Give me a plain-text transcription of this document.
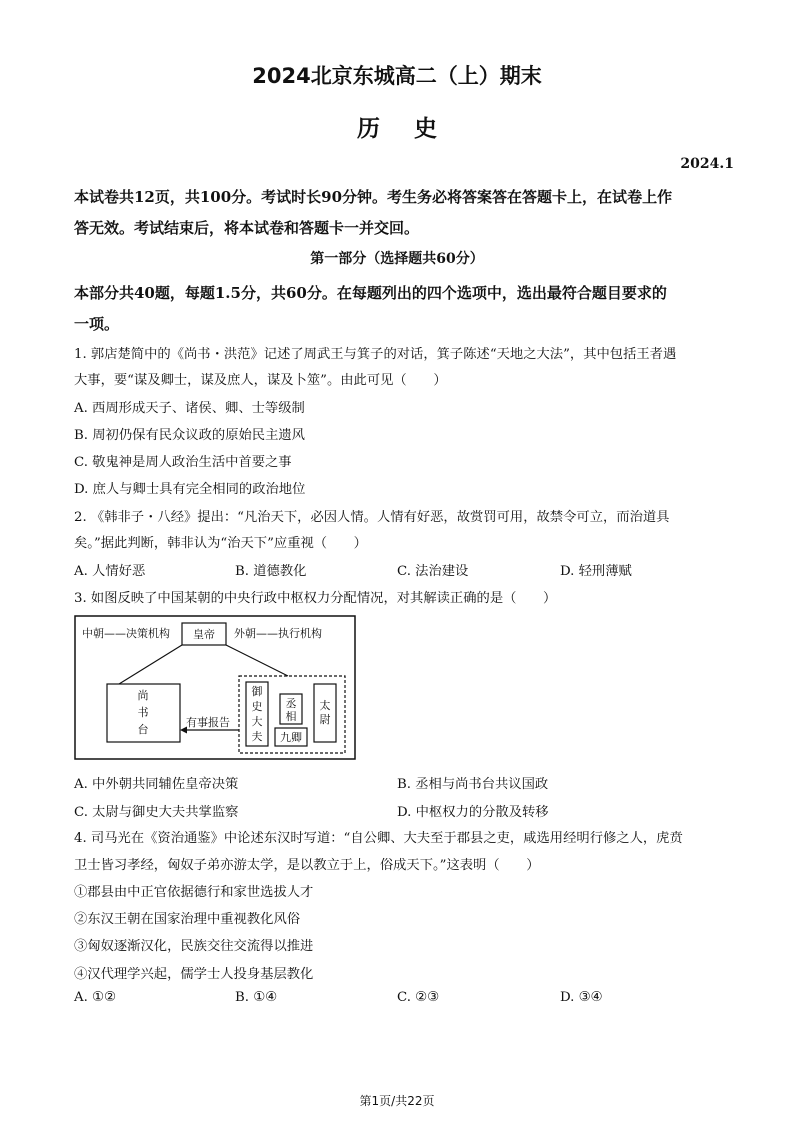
2024北京东城高二（上）期末
历史
2024.1
本试卷共12页，共100分。考试时长90分钟。考生务必将答案答在答题卡上，在试卷上作
答无效。考试结束后，将本试卷和答题卡一并交回。
第一部分（选择题共60分）
本部分共40题，每题1.5分，共60分。在每题列出的四个选项中，选出最符合题目要求的
一项。
1. 郭店楚简中的《尚书・洪范》记述了周武王与箕子的对话，箕子陈述“天地之大法”，其中包括王者遇
大事，要“谋及卿士，谋及庶人，谋及卜筮”。由此可见（　　）
A. 西周形成天子、诸侯、卿、士等级制
B. 周初仍保有民众议政的原始民主遗风
C. 敬鬼神是周人政治生活中首要之事
D. 庶人与卿士具有完全相同的政治地位
2. 《韩非子・八经》提出：“凡治天下，必因人情。人情有好恶，故赏罚可用，故禁令可立，而治道具
矣。”据此判断，韩非认为“治天下”应重视（　　）
A. 人情好恶	B. 道德教化	C. 法治建设	D. 轻刑薄赋
3. 如图反映了中国某朝的中央行政中枢权力分配情况，对其解读正确的是（　　）
中朝——决策机构 皇帝 外朝——执行机构
尚
书
台
有事报告
御
史
大
夫
丞
相
太
尉
九卿
A. 中外朝共同辅佐皇帝决策	B. 丞相与尚书台共议国政
C. 太尉与御史大夫共掌监察	D. 中枢权力的分散及转移
4. 司马光在《资治通鉴》中论述东汉时写道：“自公卿、大夫至于郡县之吏，咸选用经明行修之人，虎贲
卫士皆习孝经，匈奴子弟亦游太学，是以教立于上，俗成天下。”这表明（　　）
①郡县由中正官依据德行和家世选拔人才
②东汉王朝在国家治理中重视教化风俗
③匈奴逐渐汉化，民族交往交流得以推进
④汉代理学兴起，儒学士人投身基层教化
A. ①②	B. ①④	C. ②③	D. ③④
第1页/共22页
